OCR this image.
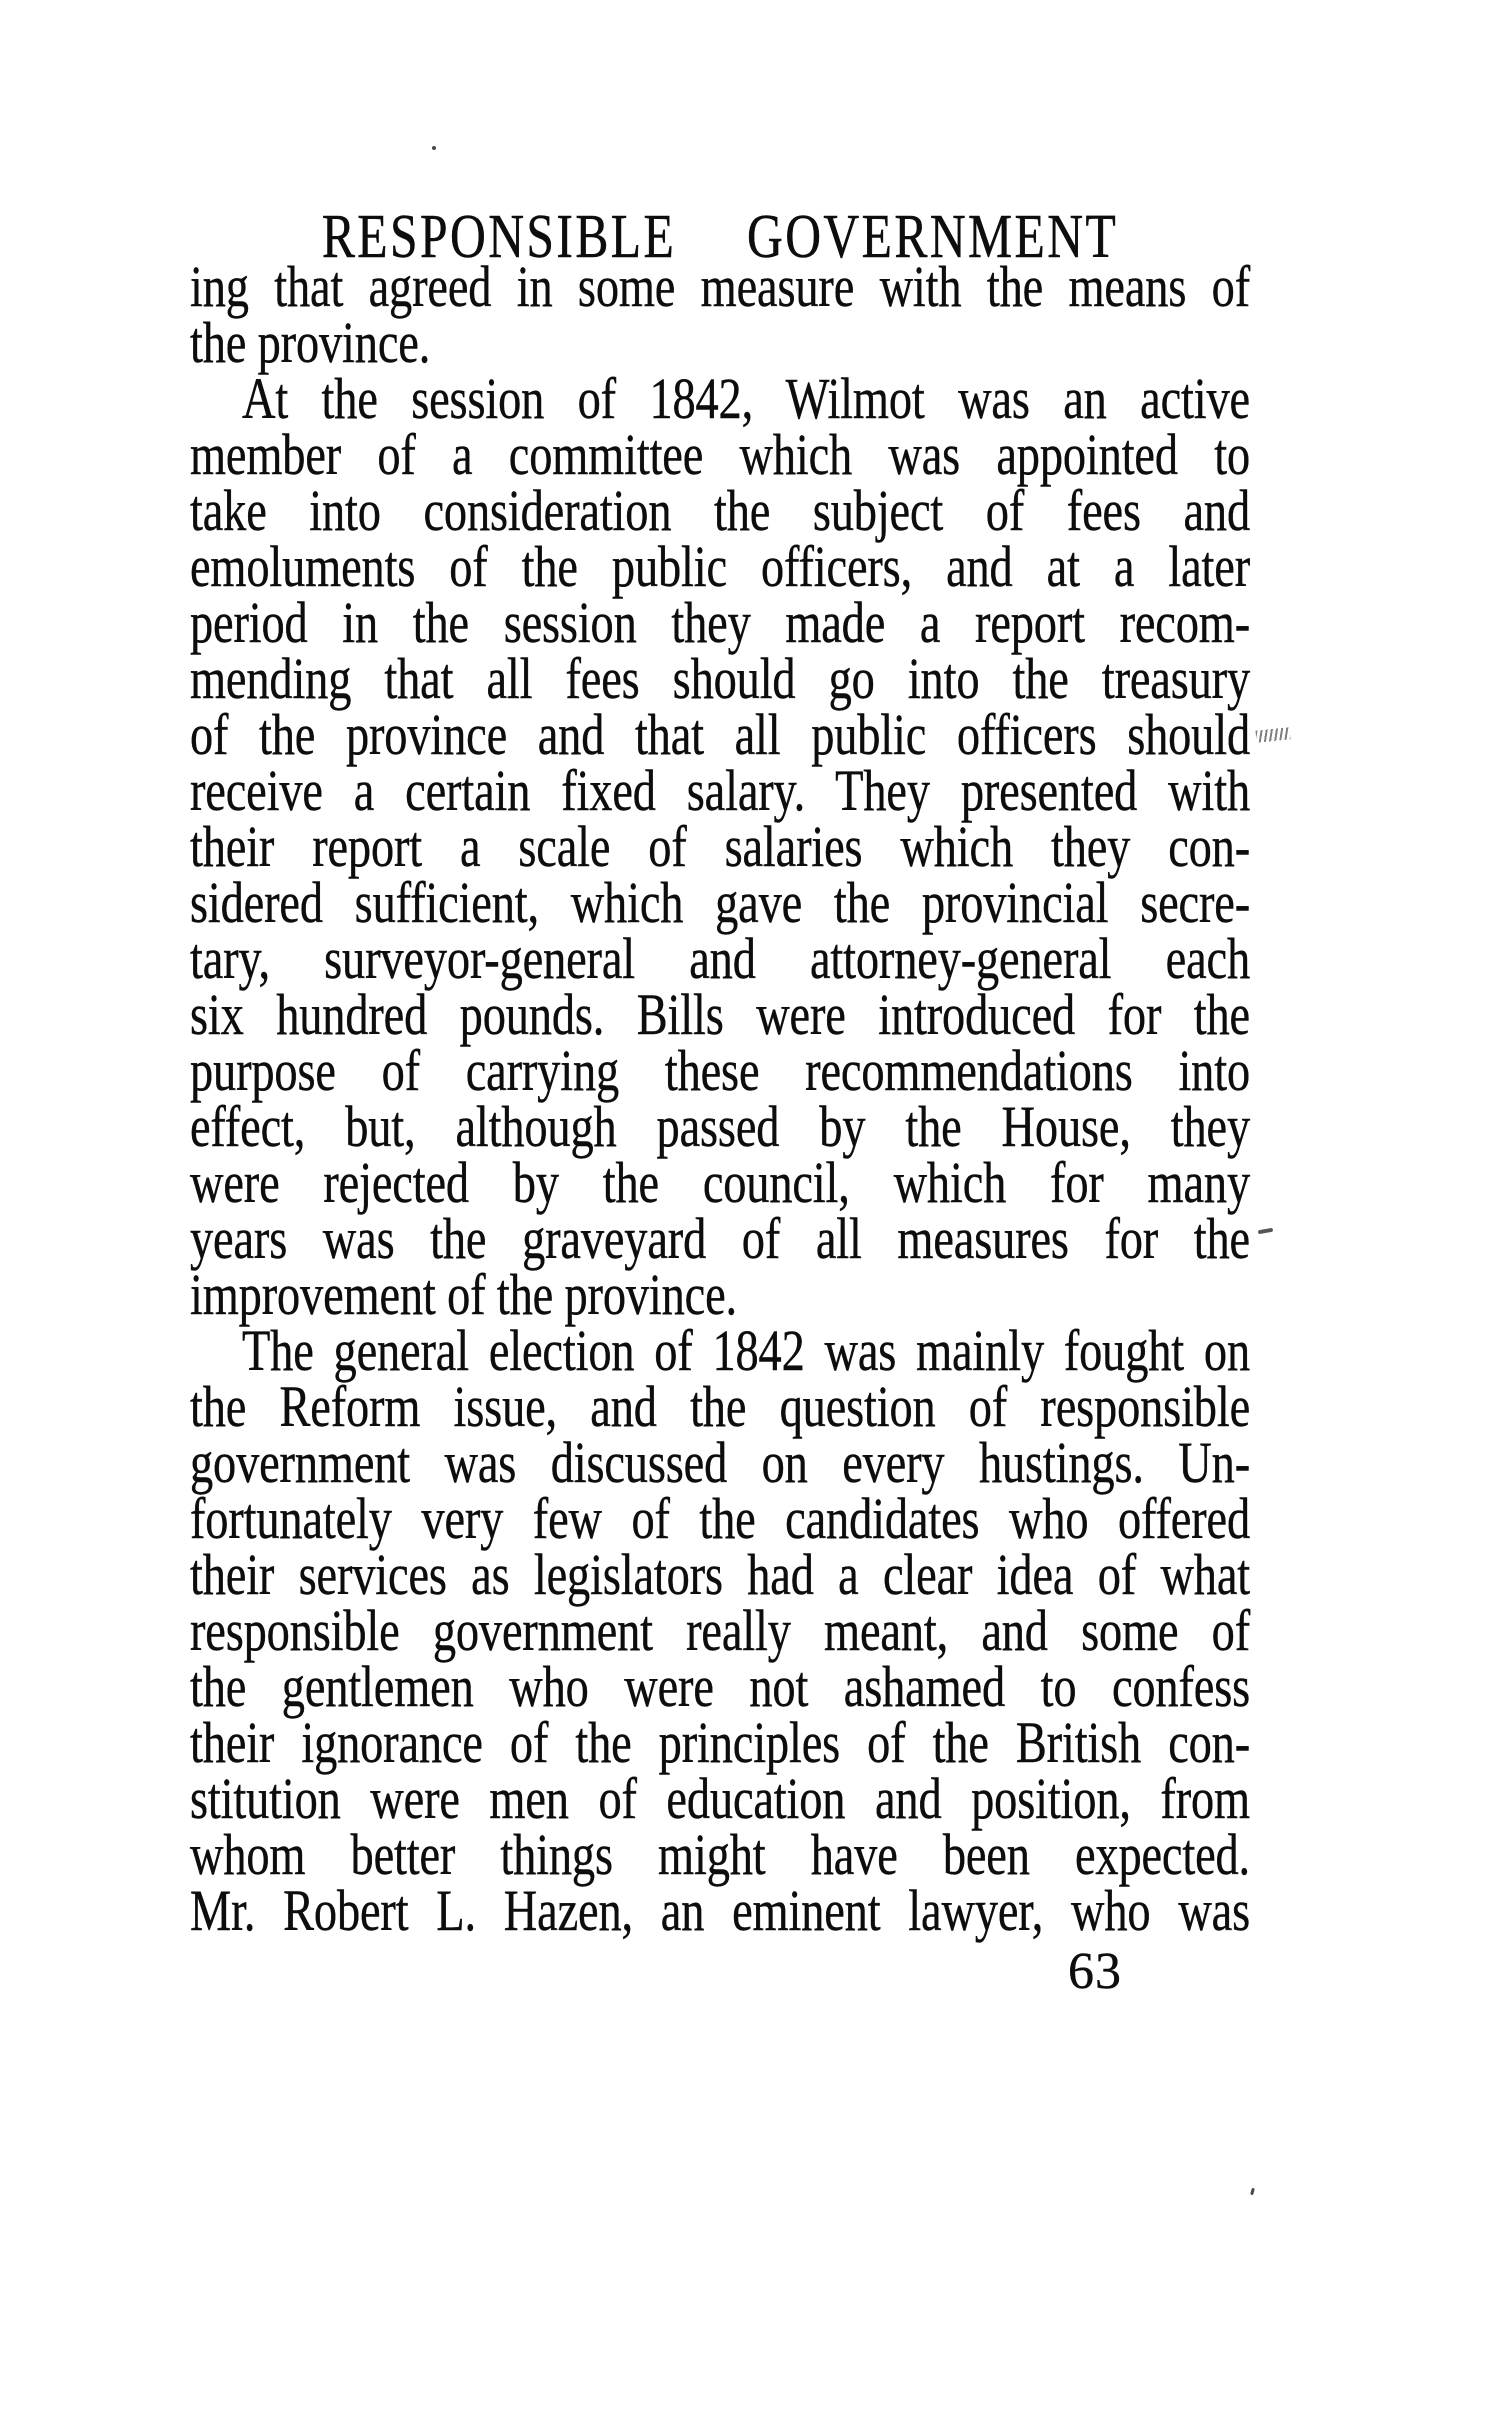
RESPONSIBLE GOVERNMENT
ing that agreed in some measure with the means of
the province.
At the session of 1842, Wilmot was an active
member of a committee which was appointed to
take into consideration the subject of fees and
emoluments of the public officers, and at a later
period in the session they made a report recom-
mending that all fees should go into the treasury
of the province and that all public officers should
receive a certain fixed salary. They presented with
their report a scale of salaries which they con-
sidered sufficient, which gave the provincial secre-
tary, surveyor-general and attorney-general each
six hundred pounds. Bills were introduced for the
purpose of carrying these recommendations into
effect, but, although passed by the House, they
were rejected by the council, which for many
years was the graveyard of all measures for the
improvement of the province.
The general election of 1842 was mainly fought on
the Reform issue, and the question of responsible
government was discussed on every hustings. Un-
fortunately very few of the candidates who offered
their services as legislators had a clear idea of what
responsible government really meant, and some of
the gentlemen who were not ashamed to confess
their ignorance of the principles of the British con-
stitution were men of education and position, from
whom better things might have been expected.
Mr. Robert L. Hazen, an eminent lawyer, who was
63
